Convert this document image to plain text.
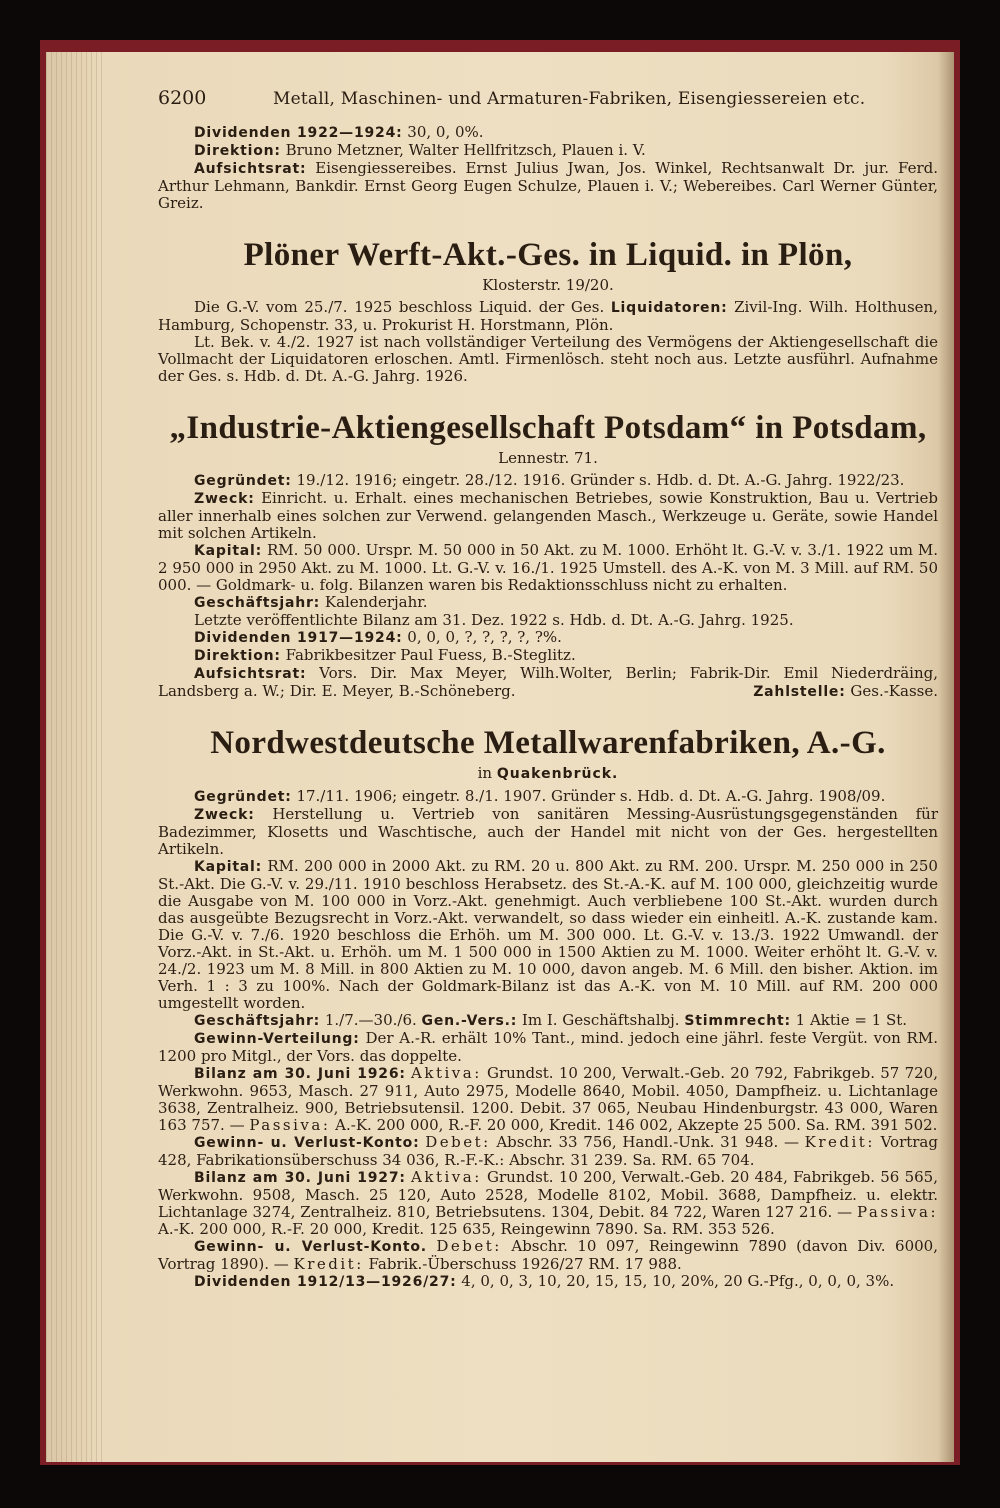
6200	Metall, Maschinen- und Armaturen-Fabriken, Eisengiessereien etc.

Dividenden 1922—1924: 30, 0, 0%.

Direktion: Bruno Metzner, Walter Hellfritzsch, Plauen i. V.

Aufsichtsrat: Eisengiessereibes. Ernst Julius Jwan, Jos. Winkel, Rechtsanwalt Dr. jur. Ferd. Arthur Lehmann, Bankdir. Ernst Georg Eugen Schulze, Plauen i. V.; Webereibes. Carl Werner Günter, Greiz.

Plöner Werft-Akt.-Ges. in Liquid. in Plön,
Klosterstr. 19/20.

Die G.-V. vom 25./7. 1925 beschloss Liquid. der Ges. Liquidatoren: Zivil-Ing. Wilh. Holthusen, Hamburg, Schopenstr. 33, u. Prokurist H. Horstmann, Plön.

Lt. Bek. v. 4./2. 1927 ist nach vollständiger Verteilung des Vermögens der Aktiengesellschaft die Vollmacht der Liquidatoren erloschen. Amtl. Firmenlösch. steht noch aus. Letzte ausführl. Aufnahme der Ges. s. Hdb. d. Dt. A.-G. Jahrg. 1926.

„Industrie-Aktiengesellschaft Potsdam“ in Potsdam,
Lennestr. 71.

Gegründet: 19./12. 1916; eingetr. 28./12. 1916. Gründer s. Hdb. d. Dt. A.-G. Jahrg. 1922/23.

Zweck: Einricht. u. Erhalt. eines mechanischen Betriebes, sowie Konstruktion, Bau u. Vertrieb aller innerhalb eines solchen zur Verwend. gelangenden Masch., Werkzeuge u. Geräte, sowie Handel mit solchen Artikeln.

Kapital: RM. 50 000. Urspr. M. 50 000 in 50 Akt. zu M. 1000. Erhöht lt. G.-V. v. 3./1. 1922 um M. 2 950 000 in 2950 Akt. zu M. 1000. Lt. G.-V. v. 16./1. 1925 Umstell. des A.-K. von M. 3 Mill. auf RM. 50 000. — Goldmark- u. folg. Bilanzen waren bis Redaktionsschluss nicht zu erhalten.

Geschäftsjahr: Kalenderjahr.

Letzte veröffentlichte Bilanz am 31. Dez. 1922 s. Hdb. d. Dt. A.-G. Jahrg. 1925.

Dividenden 1917—1924: 0, 0, 0, ?, ?, ?, ?, ?%.

Direktion: Fabrikbesitzer Paul Fuess, B.-Steglitz.

Aufsichtsrat: Vors. Dir. Max Meyer, Wilh.Wolter, Berlin; Fabrik-Dir. Emil Niederdräing, Landsberg a. W.; Dir. E. Meyer, B.-Schöneberg.	Zahlstelle: Ges.-Kasse.

Nordwestdeutsche Metallwarenfabriken, A.-G.
in Quakenbrück.

Gegründet: 17./11. 1906; eingetr. 8./1. 1907. Gründer s. Hdb. d. Dt. A.-G. Jahrg. 1908/09.

Zweck: Herstellung u. Vertrieb von sanitären Messing-Ausrüstungsgegenständen für Badezimmer, Klosetts und Waschtische, auch der Handel mit nicht von der Ges. hergestellten Artikeln.

Kapital: RM. 200 000 in 2000 Akt. zu RM. 20 u. 800 Akt. zu RM. 200. Urspr. M. 250 000 in 250 St.-Akt. Die G.-V. v. 29./11. 1910 beschloss Herabsetz. des St.-A.-K. auf M. 100 000, gleichzeitig wurde die Ausgabe von M. 100 000 in Vorz.-Akt. genehmigt. Auch verbliebene 100 St.-Akt. wurden durch das ausgeübte Bezugsrecht in Vorz.-Akt. verwandelt, so dass wieder ein einheitl. A.-K. zustande kam. Die G.-V. v. 7./6. 1920 beschloss die Erhöh. um M. 300 000. Lt. G.-V. v. 13./3. 1922 Umwandl. der Vorz.-Akt. in St.-Akt. u. Erhöh. um M. 1 500 000 in 1500 Aktien zu M. 1000. Weiter erhöht lt. G.-V. v. 24./2. 1923 um M. 8 Mill. in 800 Aktien zu M. 10 000, davon angeb. M. 6 Mill. den bisher. Aktion. im Verh. 1 : 3 zu 100%. Nach der Goldmark-Bilanz ist das A.-K. von M. 10 Mill. auf RM. 200 000 umgestellt worden.

Geschäftsjahr: 1./7.—30./6. Gen.-Vers.: Im I. Geschäftshalbj. Stimmrecht: 1 Aktie = 1 St.

Gewinn-Verteilung: Der A.-R. erhält 10% Tant., mind. jedoch eine jährl. feste Vergüt. von RM. 1200 pro Mitgl., der Vors. das doppelte.

Bilanz am 30. Juni 1926: Aktiva: Grundst. 10 200, Verwalt.-Geb. 20 792, Fabrikgeb. 57 720, Werkwohn. 9653, Masch. 27 911, Auto 2975, Modelle 8640, Mobil. 4050, Dampfheiz. u. Lichtanlage 3638, Zentralheiz. 900, Betriebsutensil. 1200. Debit. 37 065, Neubau Hindenburgstr. 43 000, Waren 163 757. — Passiva: A.-K. 200 000, R.-F. 20 000, Kredit. 146 002, Akzepte 25 500. Sa. RM. 391 502.

Gewinn- u. Verlust-Konto: Debet: Abschr. 33 756, Handl.-Unk. 31 948. — Kredit: Vortrag 428, Fabrikationsüberschuss 34 036, R.-F.-K.: Abschr. 31 239. Sa. RM. 65 704.

Bilanz am 30. Juni 1927: Aktiva: Grundst. 10 200, Verwalt.-Geb. 20 484, Fabrikgeb. 56 565, Werkwohn. 9508, Masch. 25 120, Auto 2528, Modelle 8102, Mobil. 3688, Dampfheiz. u. elektr. Lichtanlage 3274, Zentralheiz. 810, Betriebsutens. 1304, Debit. 84 722, Waren 127 216. — Passiva: A.-K. 200 000, R.-F. 20 000, Kredit. 125 635, Reingewinn 7890. Sa. RM. 353 526.

Gewinn- u. Verlust-Konto. Debet: Abschr. 10 097, Reingewinn 7890 (davon Div. 6000, Vortrag 1890). — Kredit: Fabrik.-Überschuss 1926/27 RM. 17 988.

Dividenden 1912/13—1926/27: 4, 0, 0, 3, 10, 20, 15, 15, 10, 20%, 20 G.-Pfg., 0, 0, 0, 3%.
